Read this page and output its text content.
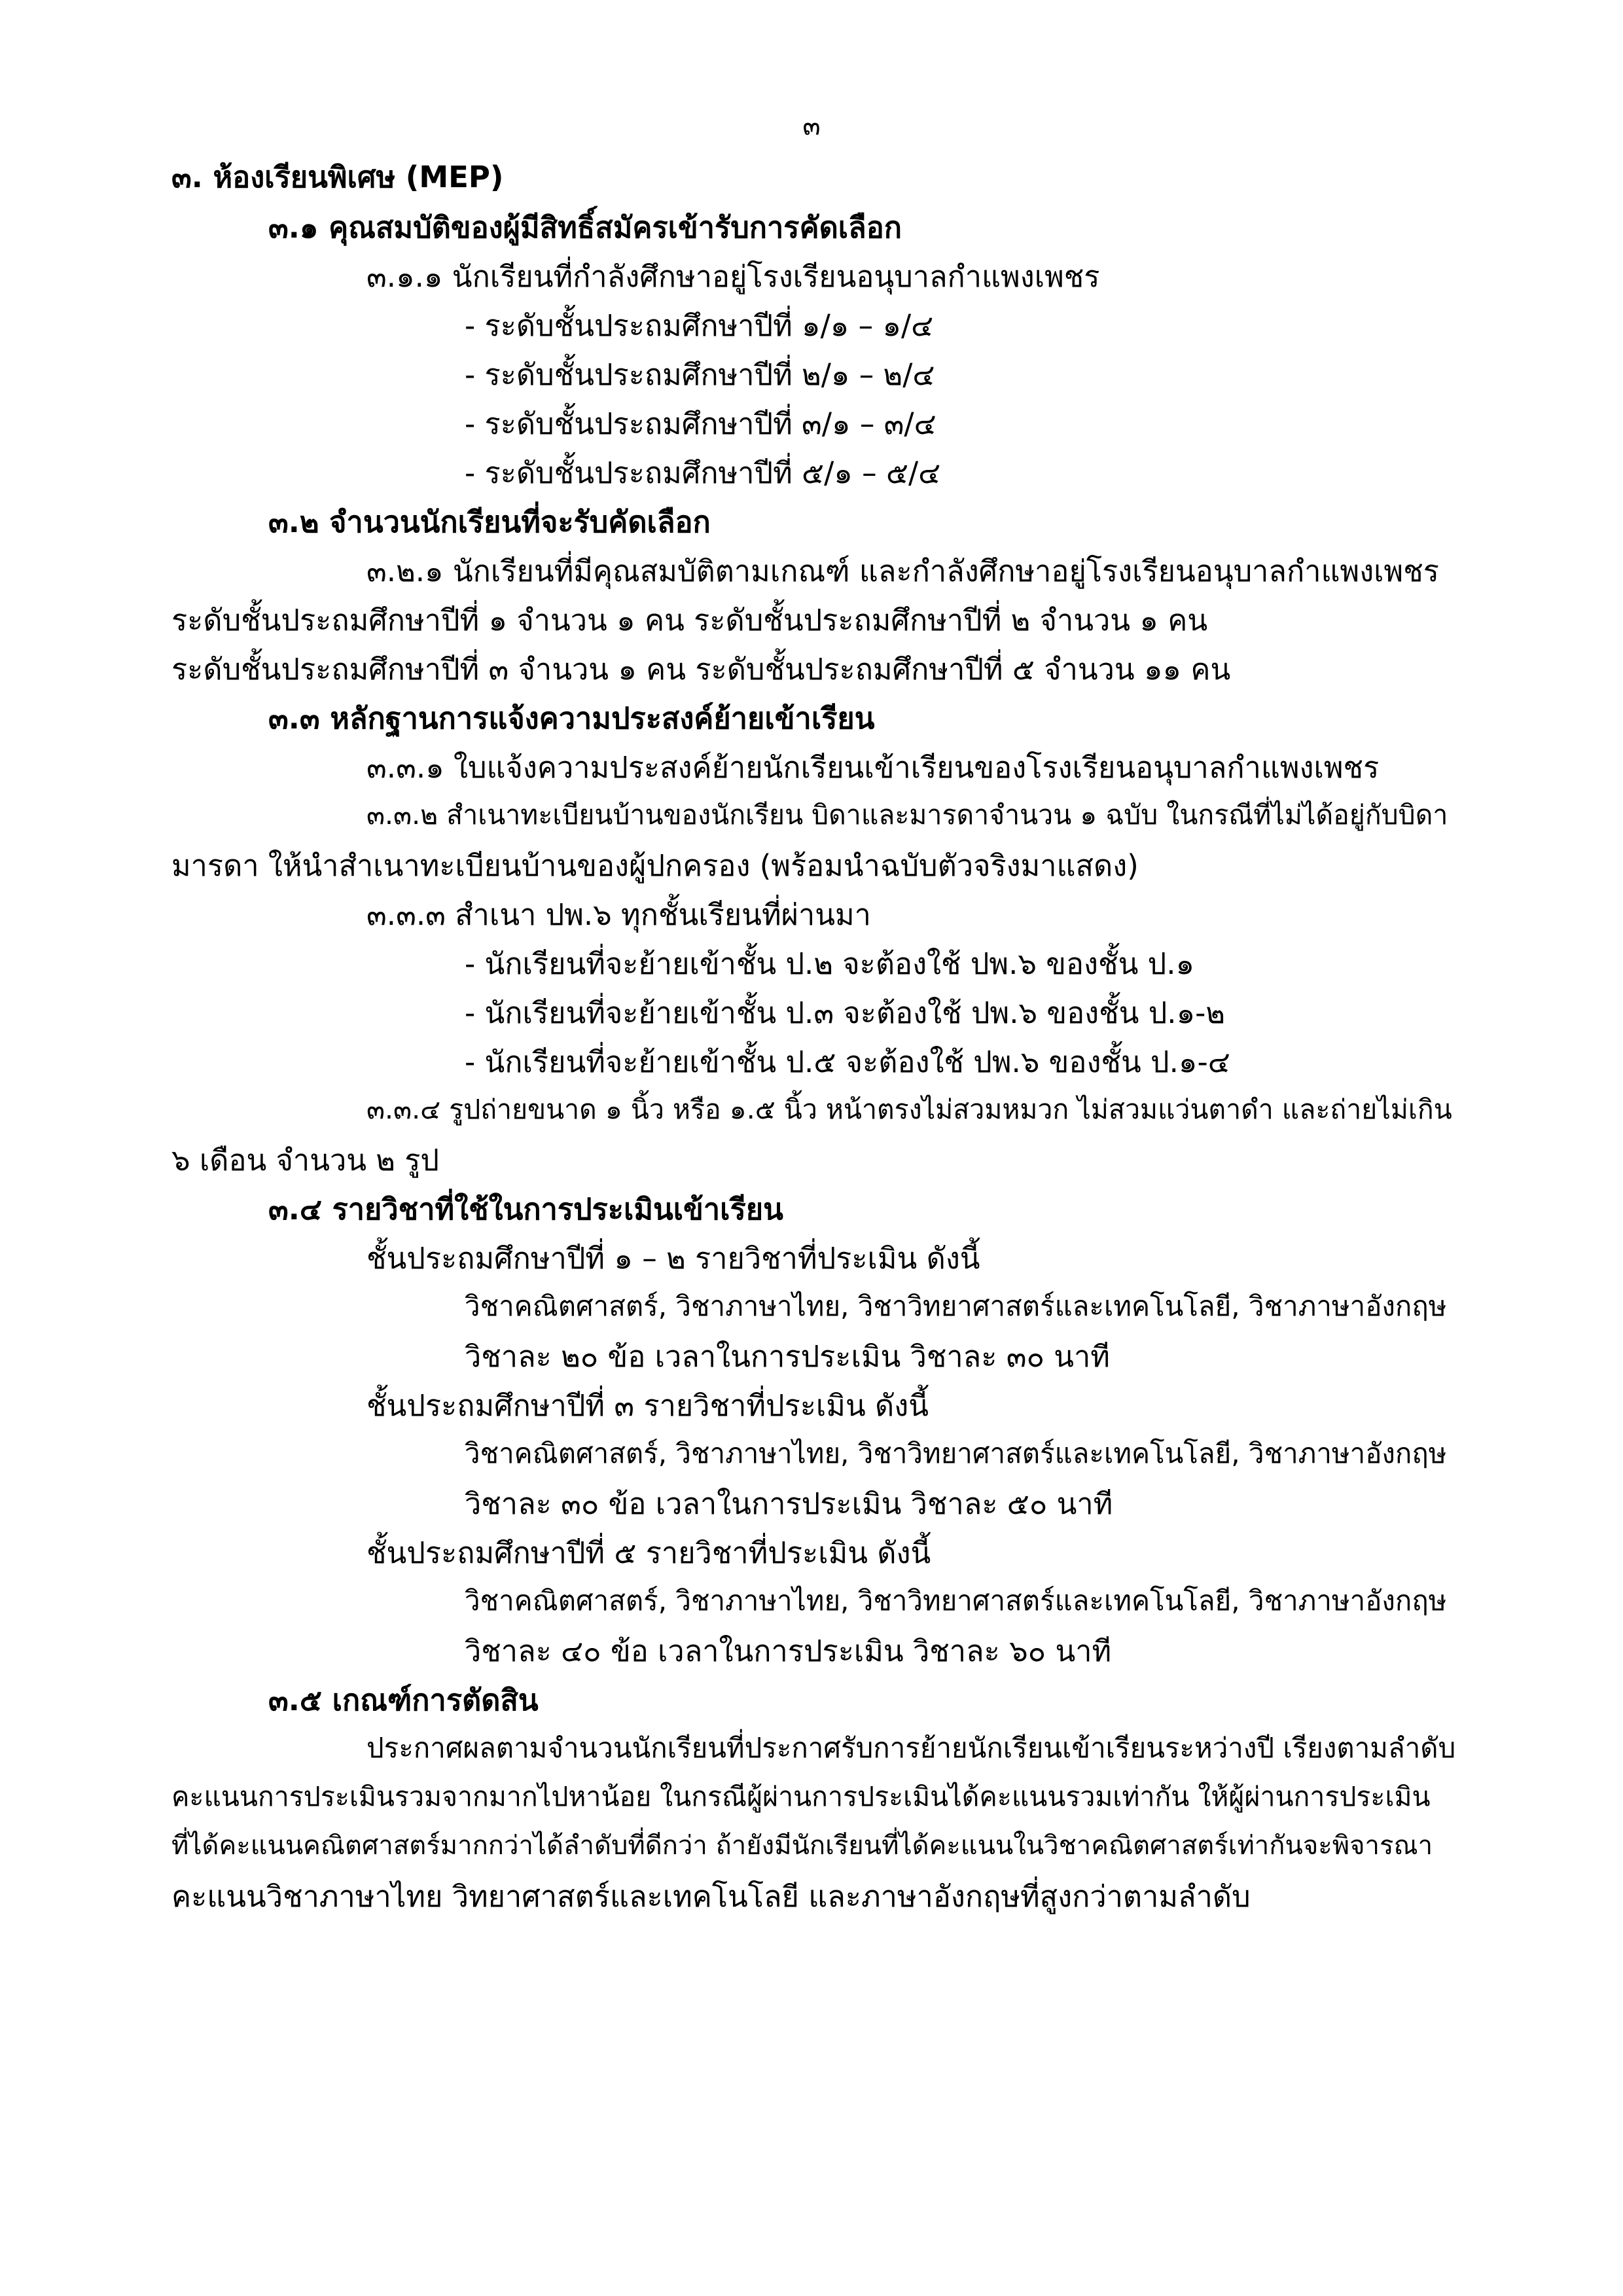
๓
๓. ห้องเรียนพิเศษ (MEP)
๓.๑ คุณสมบัติของผู้มีสิทธิ์สมัครเข้ารับการคัดเลือก
๓.๑.๑ นักเรียนที่กำลังศึกษาอยู่โรงเรียนอนุบาลกำแพงเพชร
- ระดับชั้นประถมศึกษาปีที่ ๑/๑ – ๑/๔
- ระดับชั้นประถมศึกษาปีที่ ๒/๑ – ๒/๔
- ระดับชั้นประถมศึกษาปีที่ ๓/๑ – ๓/๔
- ระดับชั้นประถมศึกษาปีที่ ๕/๑ – ๕/๔
๓.๒ จำนวนนักเรียนที่จะรับคัดเลือก
๓.๒.๑ นักเรียนที่มีคุณสมบัติตามเกณฑ์ และกำลังศึกษาอยู่โรงเรียนอนุบาลกำแพงเพชร
ระดับชั้นประถมศึกษาปีที่ ๑ จำนวน ๑ คน ระดับชั้นประถมศึกษาปีที่ ๒ จำนวน ๑ คน
ระดับชั้นประถมศึกษาปีที่ ๓ จำนวน ๑ คน ระดับชั้นประถมศึกษาปีที่ ๕ จำนวน ๑๑ คน
๓.๓ หลักฐานการแจ้งความประสงค์ย้ายเข้าเรียน
๓.๓.๑ ใบแจ้งความประสงค์ย้ายนักเรียนเข้าเรียนของโรงเรียนอนุบาลกำแพงเพชร
๓.๓.๒ สำเนาทะเบียนบ้านของนักเรียน บิดาและมารดาจำนวน ๑ ฉบับ ในกรณีที่ไม่ได้อยู่กับบิดา
มารดา ให้นำสำเนาทะเบียนบ้านของผู้ปกครอง (พร้อมนำฉบับตัวจริงมาแสดง)
๓.๓.๓ สำเนา ปพ.๖ ทุกชั้นเรียนที่ผ่านมา
- นักเรียนที่จะย้ายเข้าชั้น ป.๒ จะต้องใช้ ปพ.๖ ของชั้น ป.๑
- นักเรียนที่จะย้ายเข้าชั้น ป.๓ จะต้องใช้ ปพ.๖ ของชั้น ป.๑-๒
- นักเรียนที่จะย้ายเข้าชั้น ป.๕ จะต้องใช้ ปพ.๖ ของชั้น ป.๑-๔
๓.๓.๔ รูปถ่ายขนาด ๑ นิ้ว หรือ ๑.๕ นิ้ว หน้าตรงไม่สวมหมวก ไม่สวมแว่นตาดำ และถ่ายไม่เกิน
๖ เดือน จำนวน ๒ รูป
๓.๔ รายวิชาที่ใช้ในการประเมินเข้าเรียน
ชั้นประถมศึกษาปีที่ ๑ – ๒ รายวิชาที่ประเมิน ดังนี้
วิชาคณิตศาสตร์, วิชาภาษาไทย, วิชาวิทยาศาสตร์และเทคโนโลยี, วิชาภาษาอังกฤษ
วิชาละ ๒๐ ข้อ เวลาในการประเมิน วิชาละ ๓๐ นาที
ชั้นประถมศึกษาปีที่ ๓ รายวิชาที่ประเมิน ดังนี้
วิชาคณิตศาสตร์, วิชาภาษาไทย, วิชาวิทยาศาสตร์และเทคโนโลยี, วิชาภาษาอังกฤษ
วิชาละ ๓๐ ข้อ เวลาในการประเมิน วิชาละ ๕๐ นาที
ชั้นประถมศึกษาปีที่ ๕ รายวิชาที่ประเมิน ดังนี้
วิชาคณิตศาสตร์, วิชาภาษาไทย, วิชาวิทยาศาสตร์และเทคโนโลยี, วิชาภาษาอังกฤษ
วิชาละ ๔๐ ข้อ เวลาในการประเมิน วิชาละ ๖๐ นาที
๓.๕ เกณฑ์การตัดสิน
ประกาศผลตามจำนวนนักเรียนที่ประกาศรับการย้ายนักเรียนเข้าเรียนระหว่างปี เรียงตามลำดับ
คะแนนการประเมินรวมจากมากไปหาน้อย ในกรณีผู้ผ่านการประเมินได้คะแนนรวมเท่ากัน ให้ผู้ผ่านการประเมิน
ที่ได้คะแนนคณิตศาสตร์มากกว่าได้ลำดับที่ดีกว่า ถ้ายังมีนักเรียนที่ได้คะแนนในวิชาคณิตศาสตร์เท่ากันจะพิจารณา
คะแนนวิชาภาษาไทย วิทยาศาสตร์และเทคโนโลยี และภาษาอังกฤษที่สูงกว่าตามลำดับ
